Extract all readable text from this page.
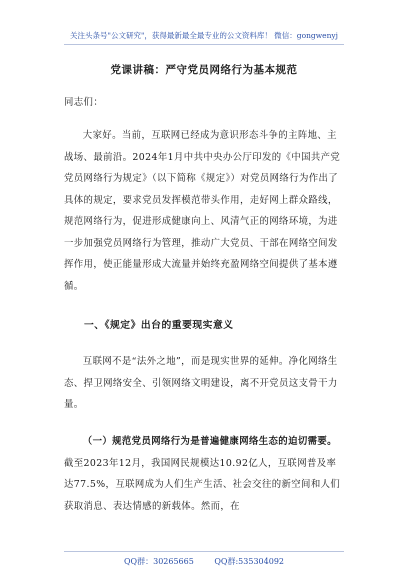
关注头条号"公文研究"，获得最新最全最专业的公文资料库！ 微信：gongwenyj
党课讲稿：严守党员网络行为基本规范
同志们：
大家好。当前，互联网已经成为意识形态斗争的主阵地、主战场、最前沿。2024年1月中共中央办公厅印发的《中国共产党党员网络行为规定》（以下简称《规定》）对党员网络行为作出了具体的规定，要求党员发挥模范带头作用，走好网上群众路线，规范网络行为，促进形成健康向上、风清气正的网络环境，为进一步加强党员网络行为管理，推动广大党员、干部在网络空间发挥作用，使正能量形成大流量并始终充盈网络空间提供了基本遵循。
一、《规定》出台的重要现实意义
互联网不是“法外之地”，而是现实世界的延伸。净化网络生态、捍卫网络安全、引领网络文明建设，离不开党员这支骨干力量。
（一）规范党员网络行为是普遍健康网络生态的迫切需要。截至2023年12月，我国网民规模达10.92亿人，互联网普及率达77.5%，互联网成为人们生产生活、社会交往的新空间和人们获取消息、表达情感的新载体。然而，在
QQ群：30265665	QQ群:535304092
